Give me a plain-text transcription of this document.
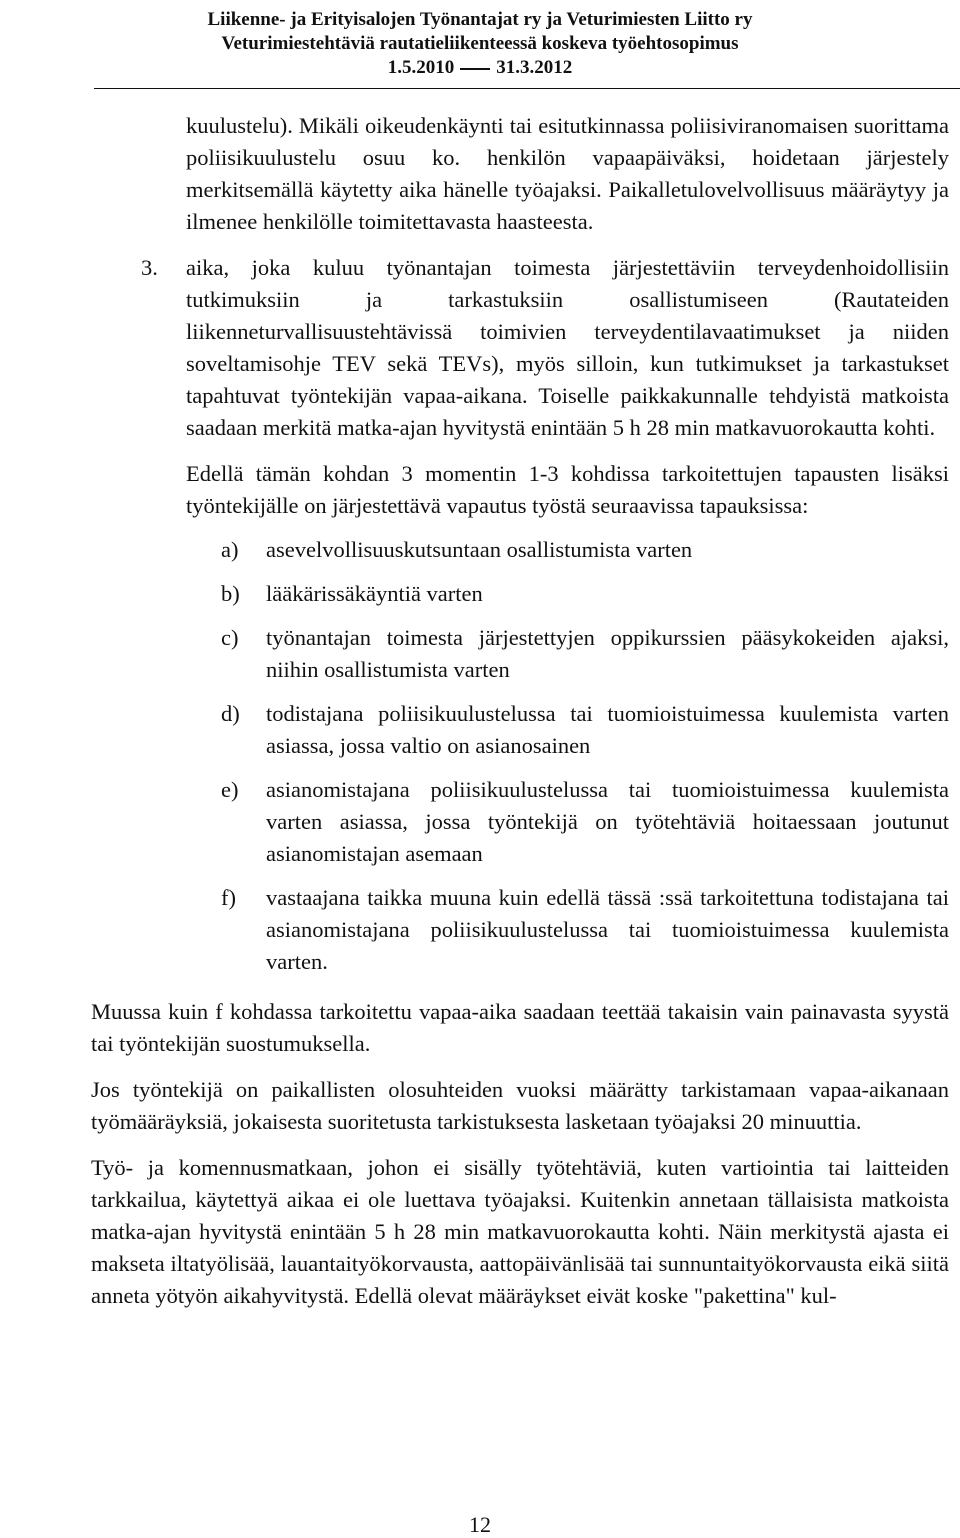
Liikenne- ja Erityisalojen Työnantajat ry ja Veturimiesten Liitto ry
Veturimiestehtäviä rautatieliikenteessä koskeva työehtosopimus
1.5.2010 31.3.2012

kuulustelu). Mikäli oikeudenkäynti tai esitutkinnassa poliisiviranomaisen suorittama poliisikuulustelu osuu ko. henkilön vapaapäiväksi, hoidetaan järjestely merkitsemällä käytetty aika hänelle työajaksi. Paikalletulovelvollisuus määräytyy ja ilmenee henkilölle toimitettavasta haasteesta.

3. aika, joka kuluu työnantajan toimesta järjestettäviin terveydenhoidollisiin tutkimuksiin ja tarkastuksiin osallistumiseen (Rautateiden liikenneturvallisuustehtävissä toimivien terveydentilavaatimukset ja niiden soveltamisohje TEV sekä TEVs), myös silloin, kun tutkimukset ja tarkastukset tapahtuvat työntekijän vapaa-aikana. Toiselle paikkakunnalle tehdyistä matkoista saadaan merkitä matka-ajan hyvitystä enintään 5 h 28 min matkavuorokautta kohti.

Edellä tämän kohdan 3 momentin 1-3 kohdissa tarkoitettujen tapausten lisäksi työntekijälle on järjestettävä vapautus työstä seuraavissa tapauksissa:

a) asevelvollisuuskutsuntaan osallistumista varten

b) lääkärissäkäyntiä varten

c) työnantajan toimesta järjestettyjen oppikurssien pääsykokeiden ajaksi, niihin osallistumista varten

d) todistajana poliisikuulustelussa tai tuomioistuimessa kuulemista varten asiassa, jossa valtio on asianosainen

e) asianomistajana poliisikuulustelussa tai tuomioistuimessa kuulemista varten asiassa, jossa työntekijä on työtehtäviä hoitaessaan joutunut asianomistajan asemaan

f) vastaajana taikka muuna kuin edellä tässä :ssä tarkoitettuna todistajana tai asianomistajana poliisikuulustelussa tai tuomioistuimessa kuulemista varten.

Muussa kuin f kohdassa tarkoitettu vapaa-aika saadaan teettää takaisin vain painavasta syystä tai työntekijän suostumuksella.

Jos työntekijä on paikallisten olosuhteiden vuoksi määrätty tarkistamaan vapaa-aikanaan työmääräyksiä, jokaisesta suoritetusta tarkistuksesta lasketaan työajaksi 20 minuuttia.

Työ- ja komennusmatkaan, johon ei sisälly työtehtäviä, kuten vartiointia tai laitteiden tarkkailua, käytettyä aikaa ei ole luettava työajaksi. Kuitenkin annetaan tällaisista matkoista matka-ajan hyvitystä enintään 5 h 28 min matkavuorokautta kohti. Näin merkitystä ajasta ei makseta iltatyölisää, lauantaityökorvausta, aattopäivänlisää tai sunnuntaityökorvausta eikä siitä anneta yötyön aikahyvitystä. Edellä olevat määräykset eivät koske "pakettina" kul-

12
